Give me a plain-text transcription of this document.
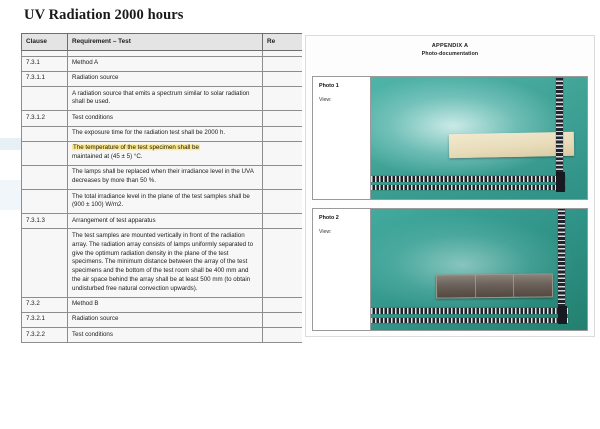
UV Radiation 2000 hours
Clause	Requirement – Test	Re

7.3.1	Method A	
7.3.1.1	Radiation source	
	A radiation source that emits a spectrum similar to solar radiation shall be used.	
7.3.1.2	Test conditions	
	The exposure time for the radiation test shall be 2000 h.	
	The temperature of the test specimen shall be
maintained at (45 ± 5) °C.	
	The lamps shall be replaced when their irradiance level in the UVA decreases by more than 50 %.	
	The total irradiance level in the plane of the test samples shall be (900 ± 100) W/m2.	
7.3.1.3	Arrangement of test apparatus	
	The test samples are mounted vertically in front of the radiation array. The radiation array consists of lamps uniformly separated to give the optimum radiation density in the plane of the test specimens. The minimum distance between the array of the test specimens and the bottom of the test room shall be 400 mm and the air space behind the array shall be at least 500 mm (to obtain undisturbed free natural convection upwards).	
7.3.2	Method B	
7.3.2.1	Radiation source	
7.3.2.2	Test conditions	
APPENDIX A
Photo-documentation
Photo 1
View:
Photo 2
View:
